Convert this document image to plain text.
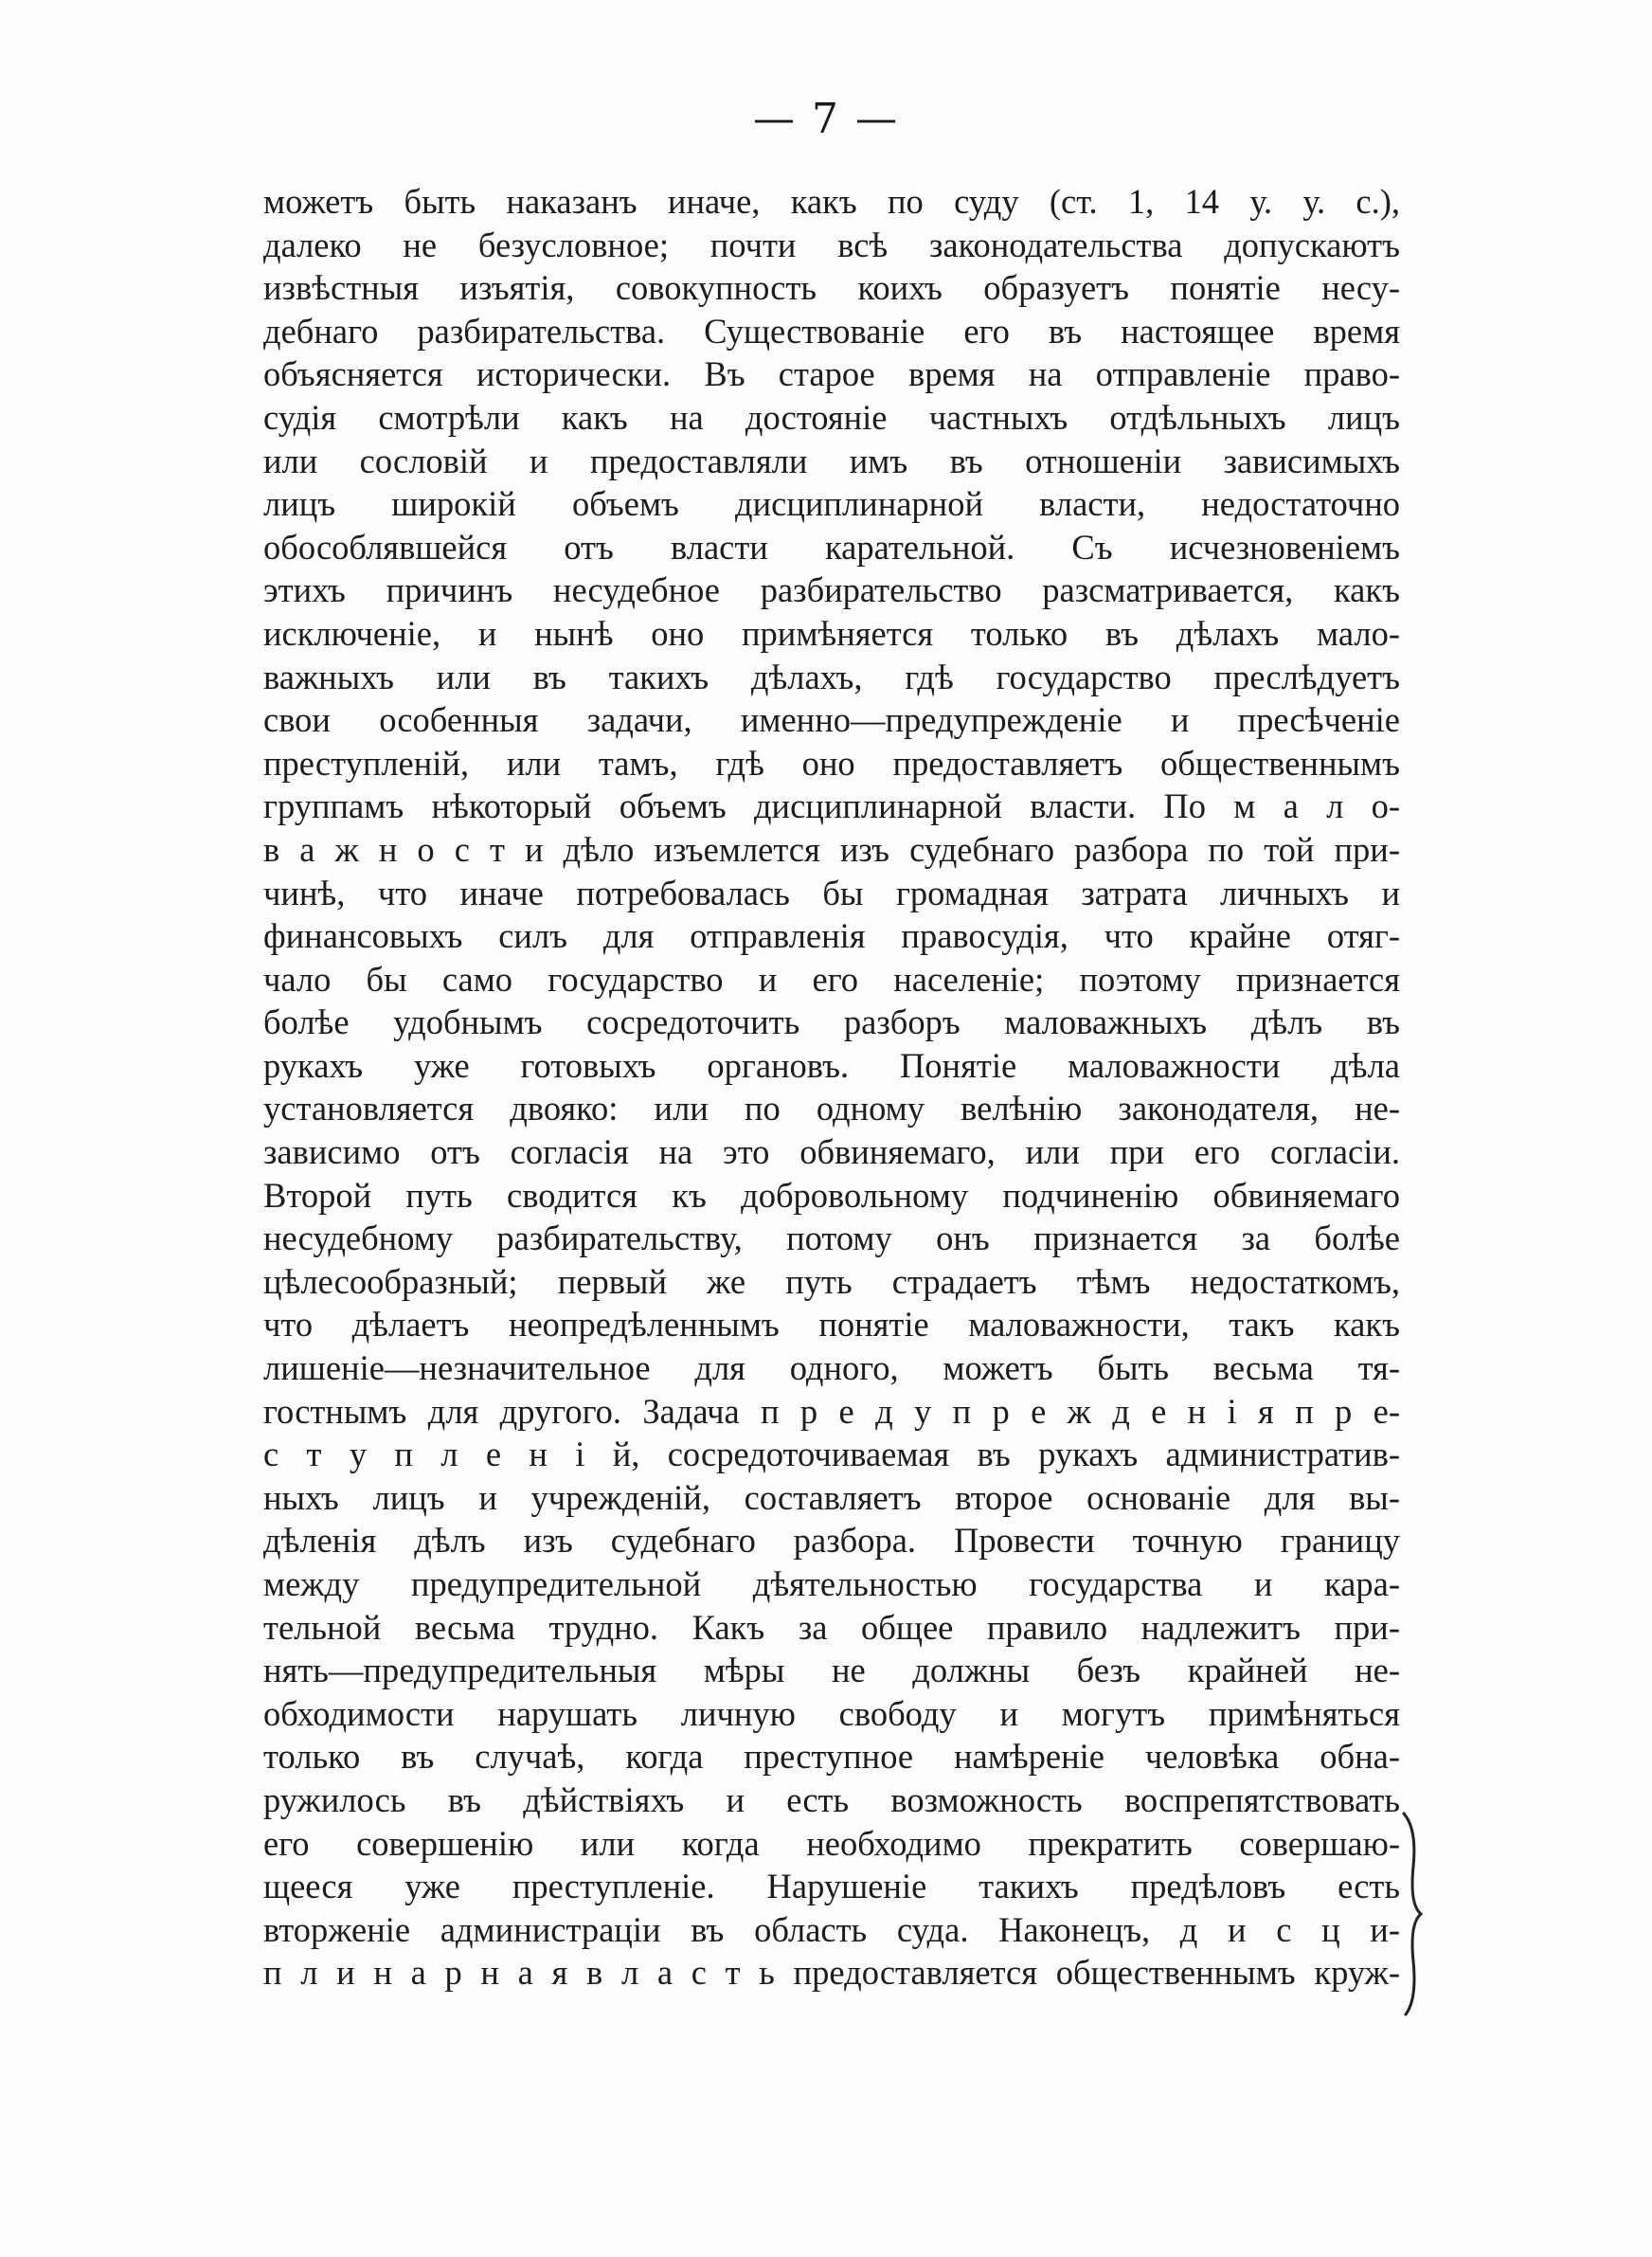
— 7 —
можетъ быть наказанъ иначе, какъ по суду (ст. 1, 14 у. у. с.),
далеко не безусловное; почти всѣ законодательства допускаютъ
извѣстныя изъятія, совокупность коихъ образуетъ понятіе несу-
дебнаго разбирательства. Существованіе его въ настоящее время
объясняется исторически. Въ старое время на отправленіе право-
судія смотрѣли какъ на достояніе частныхъ отдѣльныхъ лицъ
или сословій и предоставляли имъ въ отношеніи зависимыхъ
лицъ широкій объемъ дисциплинарной власти, недостаточно
обособлявшейся отъ власти карательной. Съ исчезновеніемъ
этихъ причинъ несудебное разбирательство разсматривается, какъ
исключеніе, и нынѣ оно примѣняется только въ дѣлахъ мало-
важныхъ или въ такихъ дѣлахъ, гдѣ государство преслѣдуетъ
свои особенныя задачи, именно—предупрежденіе и пресѣченіе
преступленій, или тамъ, гдѣ оно предоставляетъ общественнымъ
группамъ нѣкоторый объемъ дисциплинарной власти. По м а л о-
в а ж н о с т и дѣло изъемлется изъ судебнаго разбора по той при-
чинѣ, что иначе потребовалась бы громадная затрата личныхъ и
финансовыхъ силъ для отправленія правосудія, что крайне отяг-
чало бы само государство и его населеніе; поэтому признается
болѣе удобнымъ сосредоточить разборъ маловажныхъ дѣлъ въ
рукахъ уже готовыхъ органовъ. Понятіе маловажности дѣла
установляется двояко: или по одному велѣнію законодателя, не-
зависимо отъ согласія на это обвиняемаго, или при его согласіи.
Второй путь сводится къ добровольному подчиненію обвиняемаго
несудебному разбирательству, потому онъ признается за болѣе
цѣлесообразный; первый же путь страдаетъ тѣмъ недостаткомъ,
что дѣлаетъ неопредѣленнымъ понятіе маловажности, такъ какъ
лишеніе—незначительное для одного, можетъ быть весьма тя-
гостнымъ для другого. Задача п р е д у п р е ж д е н і я п р е-
с т у п л е н і й, сосредоточиваемая въ рукахъ административ-
ныхъ лицъ и учрежденій, составляетъ второе основаніе для вы-
дѣленія дѣлъ изъ судебнаго разбора. Провести точную границу
между предупредительной дѣятельностью государства и кара-
тельной весьма трудно. Какъ за общее правило надлежитъ при-
нять—предупредительныя мѣры не должны безъ крайней не-
обходимости нарушать личную свободу и могутъ примѣняться
только въ случаѣ, когда преступное намѣреніе человѣка обна-
ружилось въ дѣйствіяхъ и есть возможность воспрепятствовать
его совершенію или когда необходимо прекратить совершаю-
щееся уже преступленіе. Нарушеніе такихъ предѣловъ есть
вторженіе администраціи въ область суда. Наконецъ, д и с ц и-
п л и н а р н а я в л а с т ь предоставляется общественнымъ круж-
